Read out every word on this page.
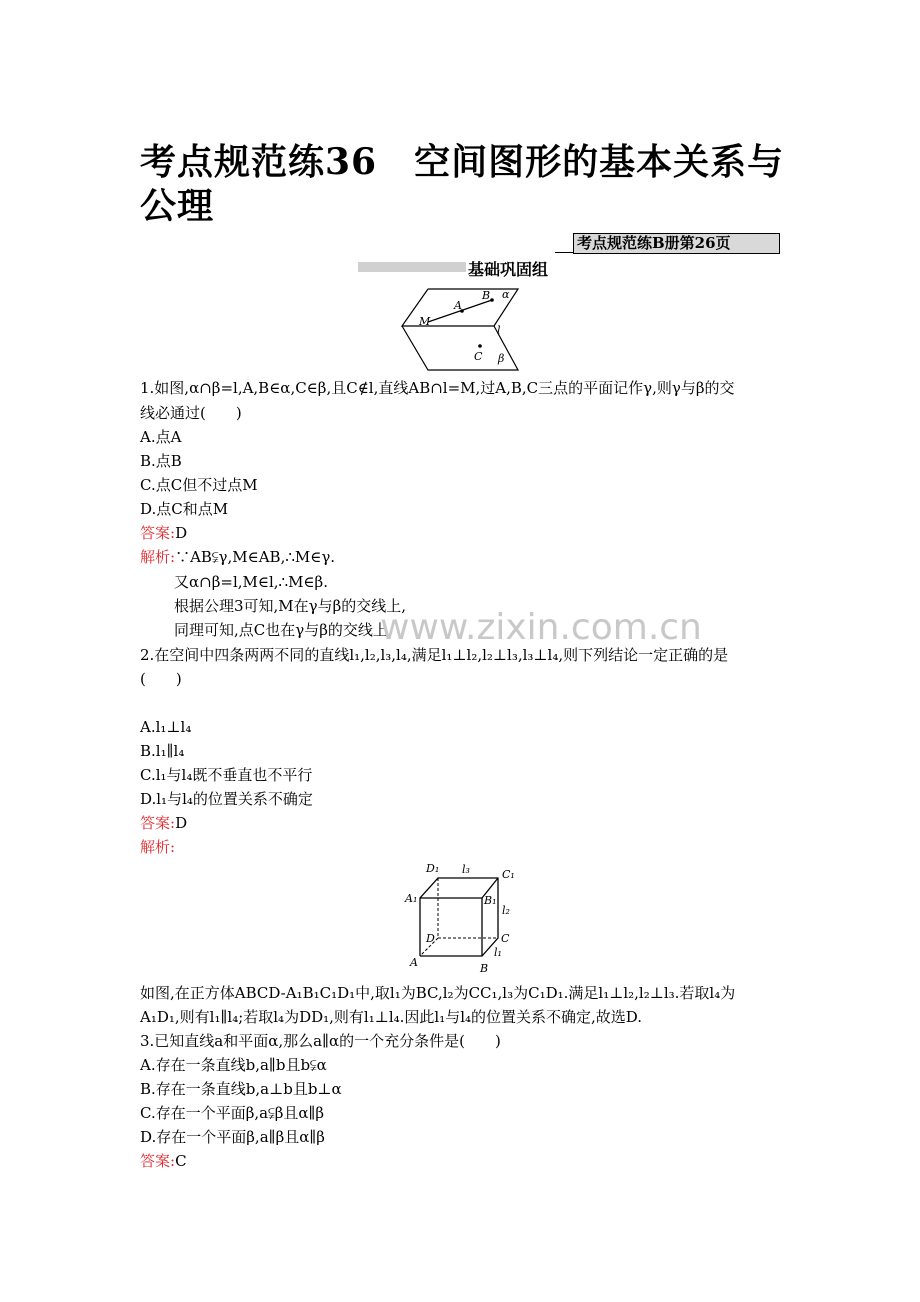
考点规范练36　空间图形的基本关系与公理
考点规范练B册第26页
基础巩固组
A
B α
M
l
C β
1.如图,α∩β=l,A,B∈α,C∈β,且C∉l,直线AB∩l=M,过A,B,C三点的平面记作γ,则γ与β的交
线必通过(　　)
A.点A
B.点B
C.点C但不过点M
D.点C和点M
答案:D
解析:∵AB⫋γ,M∈AB,∴M∈γ.
又α∩β=l,M∈l,∴M∈β.
根据公理3可知,M在γ与β的交线上,
同理可知,点C也在γ与β的交线上.
www.zixin.com.cn
2.在空间中四条两两不同的直线l₁,l₂,l₃,l₄,满足l₁⊥l₂,l₂⊥l₃,l₃⊥l₄,则下列结论一定正确的是
(　　)
A.l₁⊥l₄
B.l₁∥l₄
C.l₁与l₄既不垂直也不平行
D.l₁与l₄的位置关系不确定
答案:D
解析:
D₁ l₃	C₁
A₁	B₁
l₂
D	C
l₁
A	B
如图,在正方体ABCD-A₁B₁C₁D₁中,取l₁为BC,l₂为CC₁,l₃为C₁D₁.满足l₁⊥l₂,l₂⊥l₃.若取l₄为
A₁D₁,则有l₁∥l₄;若取l₄为DD₁,则有l₁⊥l₄.因此l₁与l₄的位置关系不确定,故选D.
3.已知直线a和平面α,那么a∥α的一个充分条件是(　　)
A.存在一条直线b,a∥b且b⫋α
B.存在一条直线b,a⊥b且b⊥α
C.存在一个平面β,a⫋β且α∥β
D.存在一个平面β,a∥β且α∥β
答案:C
